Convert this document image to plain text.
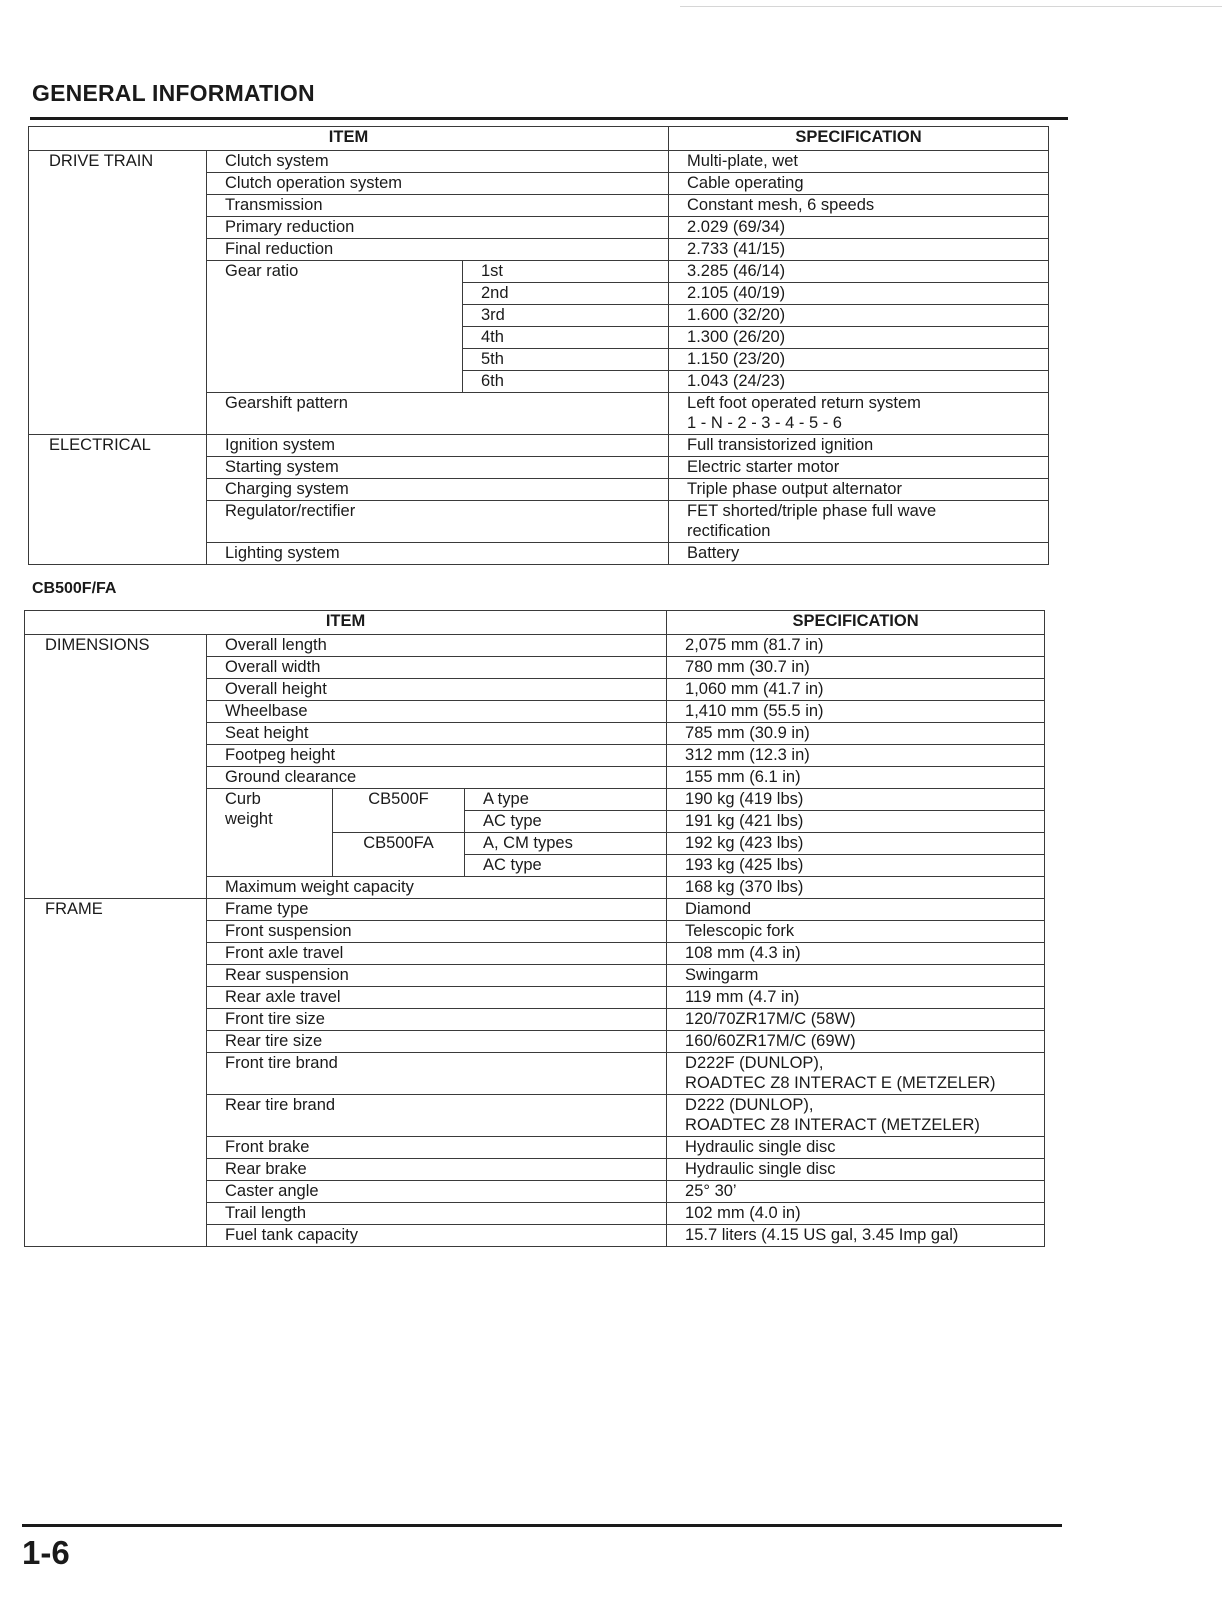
GENERAL INFORMATION
ITEM			SPECIFICATION
DRIVE TRAIN	Clutch system		Multi-plate, wet
	Clutch operation system		Cable operating
	Transmission		Constant mesh, 6 speeds
	Primary reduction		2.029 (69/34)
	Final reduction		2.733 (41/15)
	Gear ratio	1st	3.285 (46/14)
		2nd	2.105 (40/19)
		3rd	1.600 (32/20)
		4th	1.300 (26/20)
		5th	1.150 (23/20)
		6th	1.043 (24/23)
	Gearshift pattern		Left foot operated return system
1 - N - 2 - 3 - 4 - 5 - 6

ELECTRICAL	Ignition system		Full transistorized ignition
	Starting system		Electric starter motor
	Charging system		Triple phase output alternator
	Regulator/rectifier		FET shorted/triple phase full wave
rectification

	Lighting system		Battery
CB500F/FA
ITEM				SPECIFICATION
DIMENSIONS	Overall length			2,075 mm (81.7 in)
	Overall width			780 mm (30.7 in)
	Overall height			1,060 mm (41.7 in)
	Wheelbase			1,410 mm (55.5 in)
	Seat height			785 mm (30.9 in)
	Footpeg height			312 mm (12.3 in)
	Ground clearance			155 mm (6.1 in)

	Curb
weight	CB500F	A type	190 kg (419 lbs)
			AC type	191 kg (421 lbs)
		CB500FA	A, CM types	192 kg (423 lbs)
			AC type	193 kg (425 lbs)
	Maximum weight capacity			168 kg (370 lbs)
FRAME	Frame type			Diamond
	Front suspension			Telescopic fork
	Front axle travel			108 mm (4.3 in)
	Rear suspension			Swingarm
	Rear axle travel			119 mm (4.7 in)
	Front tire size			120/70ZR17M/C (58W)
	Rear tire size			160/60ZR17M/C (69W)
	Front tire brand			D222F (DUNLOP),
ROADTEC Z8 INTERACT E (METZELER)

	Rear tire brand			D222 (DUNLOP),
ROADTEC Z8 INTERACT (METZELER)

	Front brake			Hydraulic single disc
	Rear brake			Hydraulic single disc
	Caster angle			25° 30’
	Trail length			102 mm (4.0 in)
	Fuel tank capacity			15.7 liters (4.15 US gal, 3.45 Imp gal)
1-6
